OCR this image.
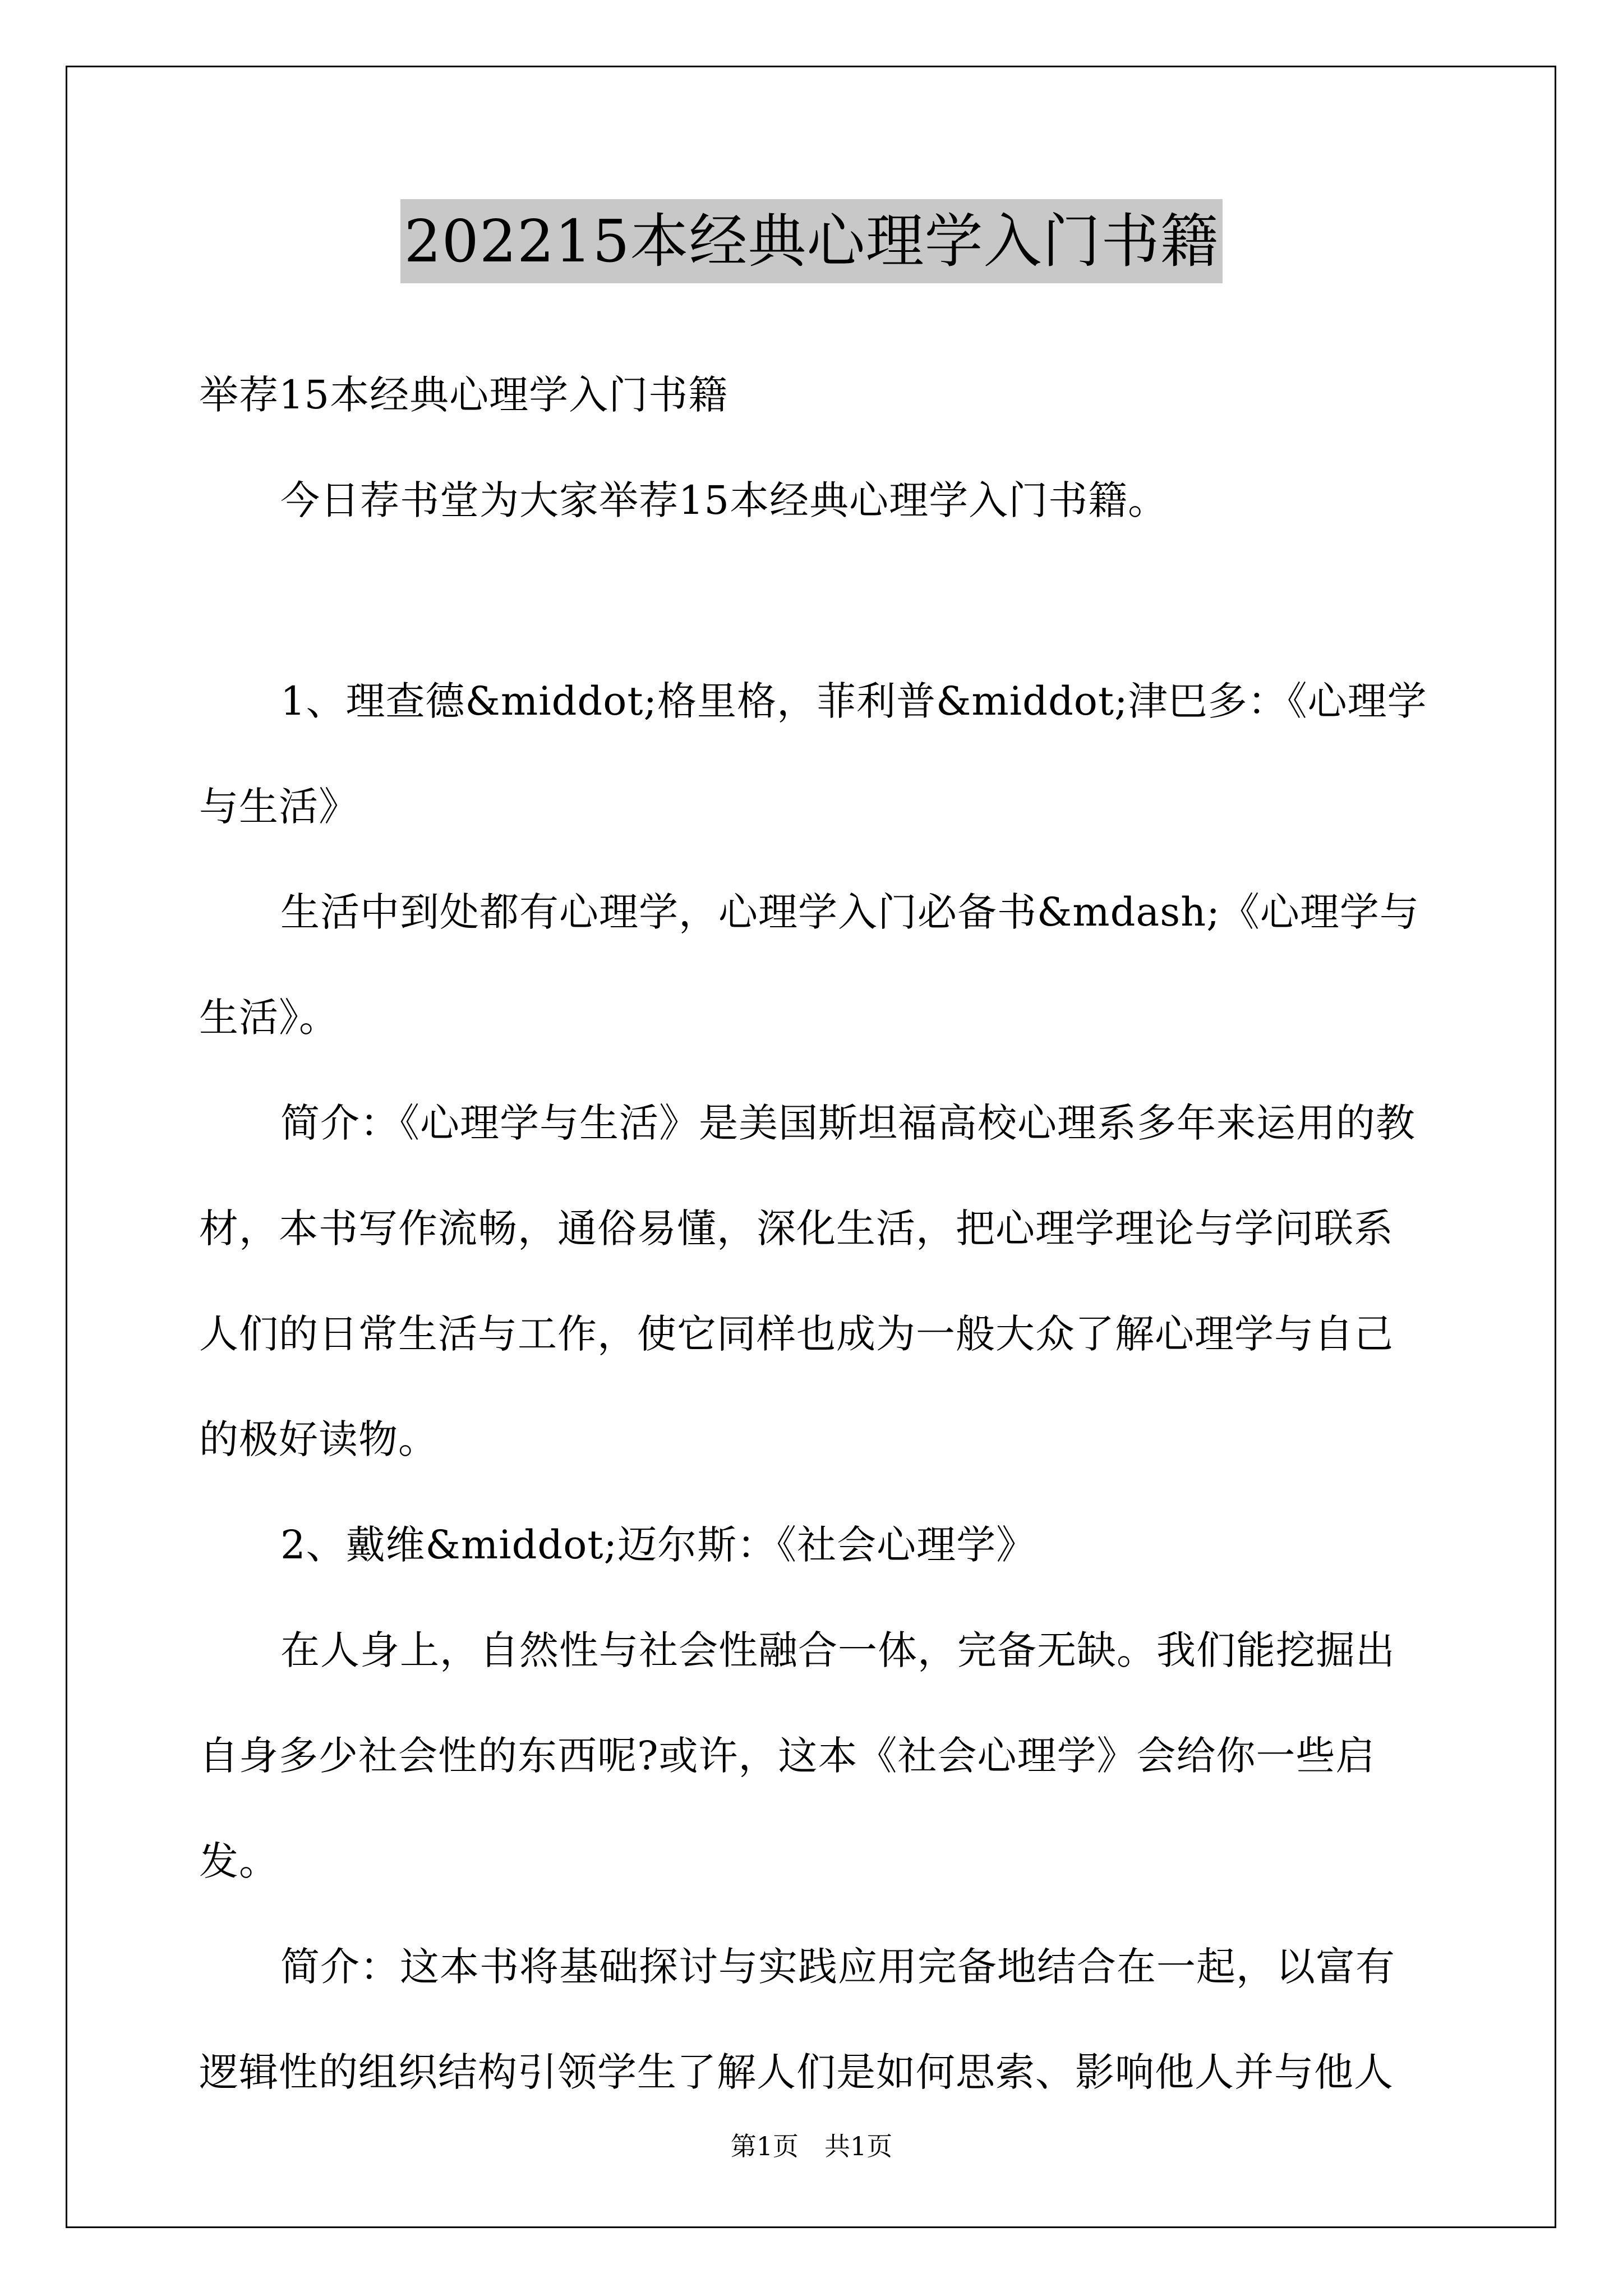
202215本经典心理学入门书籍

举荐15本经典心理学入门书籍

今日荐书堂为大家举荐15本经典心理学入门书籍。

1、理查德&middot;格里格，菲利普&middot;津巴多：《心理学与生活》

生活中到处都有心理学，心理学入门必备书&mdash;《心理学与生活》。

简介：《心理学与生活》是美国斯坦福高校心理系多年来运用的教材，本书写作流畅，通俗易懂，深化生活，把心理学理论与学问联系人们的日常生活与工作，使它同样也成为一般大众了解心理学与自己的极好读物。

2、戴维&middot;迈尔斯：《社会心理学》

在人身上，自然性与社会性融合一体，完备无缺。我们能挖掘出自身多少社会性的东西呢?或许，这本《社会心理学》会给你一些启发。

简介：这本书将基础探讨与实践应用完备地结合在一起，以富有逻辑性的组织结构引领学生了解人们是如何思索、影响他人并与他人

第1页　共1页
